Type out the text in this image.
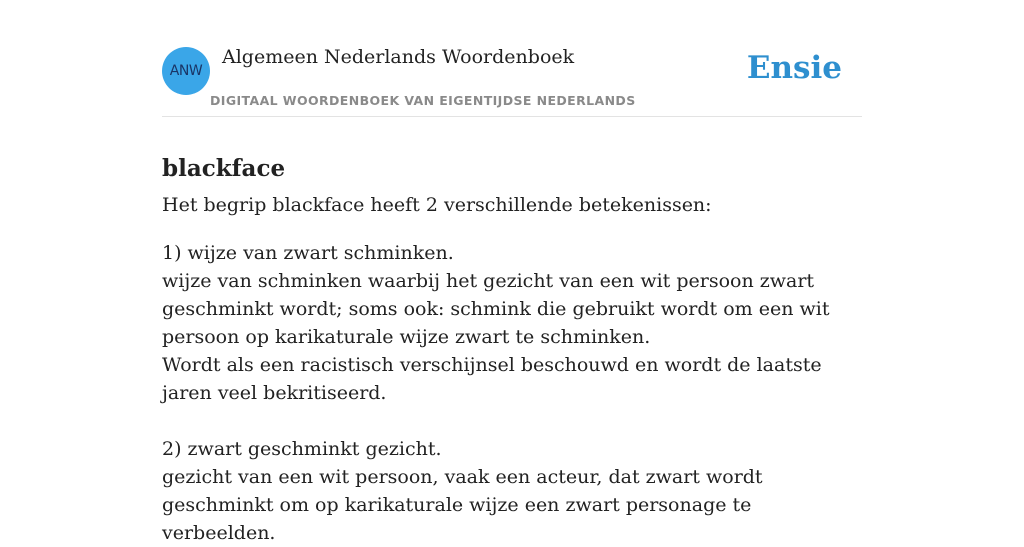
ANW
Algemeen Nederlands Woordenboek
DIGITAAL WOORDENBOEK VAN EIGENTIJDSE NEDERLANDS
Ensie
blackface
Het begrip blackface heeft 2 verschillende betekenissen:

1) wijze van zwart schminken.

wijze van schminken waarbij het gezicht van een wit persoon zwart geschminkt wordt; soms ook: schmink die gebruikt wordt om een wit persoon op karikaturale wijze zwart te schminken.

Wordt als een racistisch verschijnsel beschouwd en wordt de laatste jaren veel bekritiseerd.

2) zwart geschminkt gezicht.

gezicht van een wit persoon, vaak een acteur, dat zwart wordt geschminkt om op karikaturale wijze een zwart personage te verbeelden.
